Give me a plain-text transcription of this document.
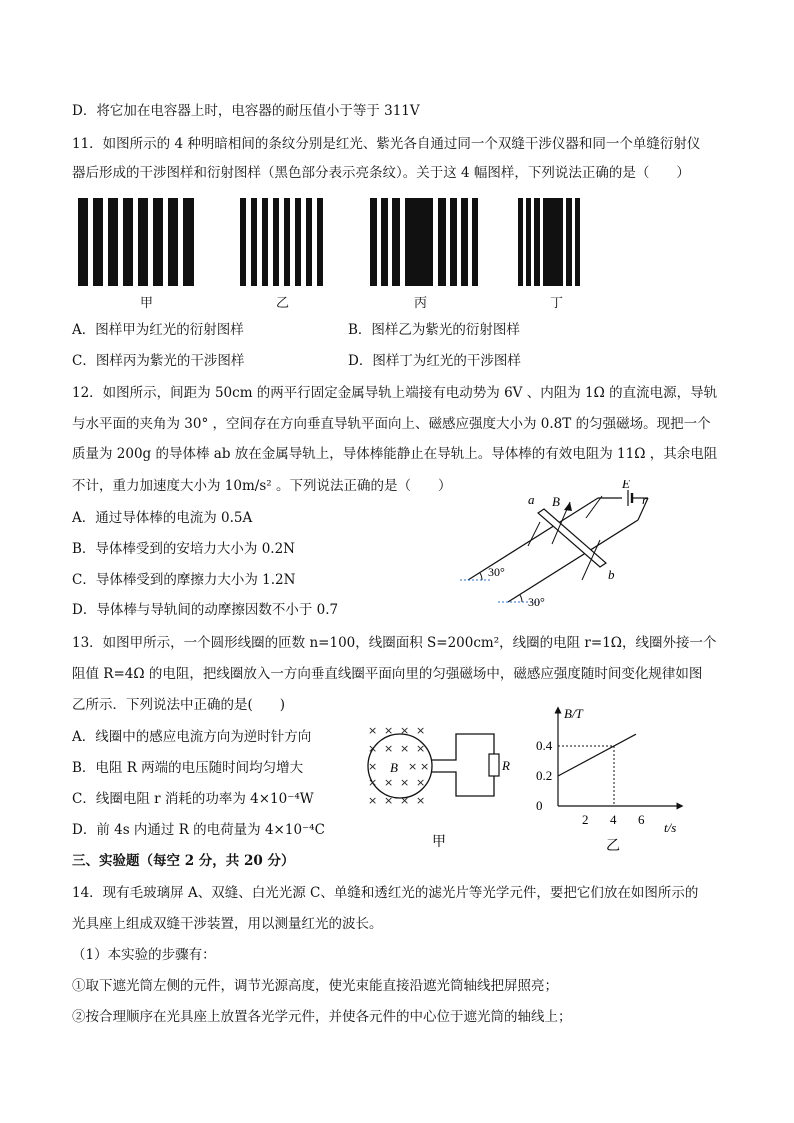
D．将它加在电容器上时，电容器的耐压值小于等于 311V
11．如图所示的 4 种明暗相间的条纹分别是红光、紫光各自通过同一个双缝干涉仪器和同一个单缝衍射仪
器后形成的干涉图样和衍射图样（黑色部分表示亮条纹）。关于这 4 幅图样，下列说法正确的是（　　）
甲	乙	丙	丁
A．图样甲为红光的衍射图样	B．图样乙为紫光的衍射图样
C．图样丙为紫光的干涉图样	D．图样丁为红光的干涉图样
12．如图所示，间距为 50cm 的两平行固定金属导轨上端接有电动势为 6V 、内阻为 1Ω 的直流电源，导轨
与水平面的夹角为 30° ，空间存在方向垂直导轨平面向上、磁感应强度大小为 0.8T 的匀强磁场。现把一个
质量为 200g 的导体棒 ab 放在金属导轨上，导体棒能静止在导轨上。导体棒的有效电阻为 11Ω ，其余电阻
不计，重力加速度大小为 10m/s² 。下列说法正确的是（　　）
A．通过导体棒的电流为 0.5A
B．导体棒受到的安培力大小为 0.2N
C．导体棒受到的摩擦力大小为 1.2N
D．导体棒与导轨间的动摩擦因数不小于 0.7
a
b
B
E
r
30°
30°
13．如图甲所示，一个圆形线圈的匝数 n=100，线圈面积 S=200cm²，线圈的电阻 r=1Ω，线圈外接一个
阻值 R=4Ω 的电阻，把线圈放入一方向垂直线圈平面向里的匀强磁场中，磁感应强度随时间变化规律如图
乙所示．下列说法中正确的是(　　)
A．线圈中的感应电流方向为逆时针方向
B．电阻 R 两端的电压随时间均匀增大
C．线圈电阻 r 消耗的功率为 4×10⁻⁴W
D．前 4s 内通过 R 的电荷量为 4×10⁻⁴C
× × × ×
× × × ×
×	× ×
× × × ×
× × × ×
B	R
甲
0
0.2
0.4
2 4 6
B/T
t/s
乙
三、实验题（每空 2 分，共 20 分）
14．现有毛玻璃屏 A、双缝、白光光源 C、单缝和透红光的滤光片等光学元件，要把它们放在如图所示的
光具座上组成双缝干涉装置，用以测量红光的波长。
（1）本实验的步骤有：
①取下遮光筒左侧的元件，调节光源高度，使光束能直接沿遮光筒轴线把屏照亮；
②按合理顺序在光具座上放置各光学元件，并使各元件的中心位于遮光筒的轴线上；
